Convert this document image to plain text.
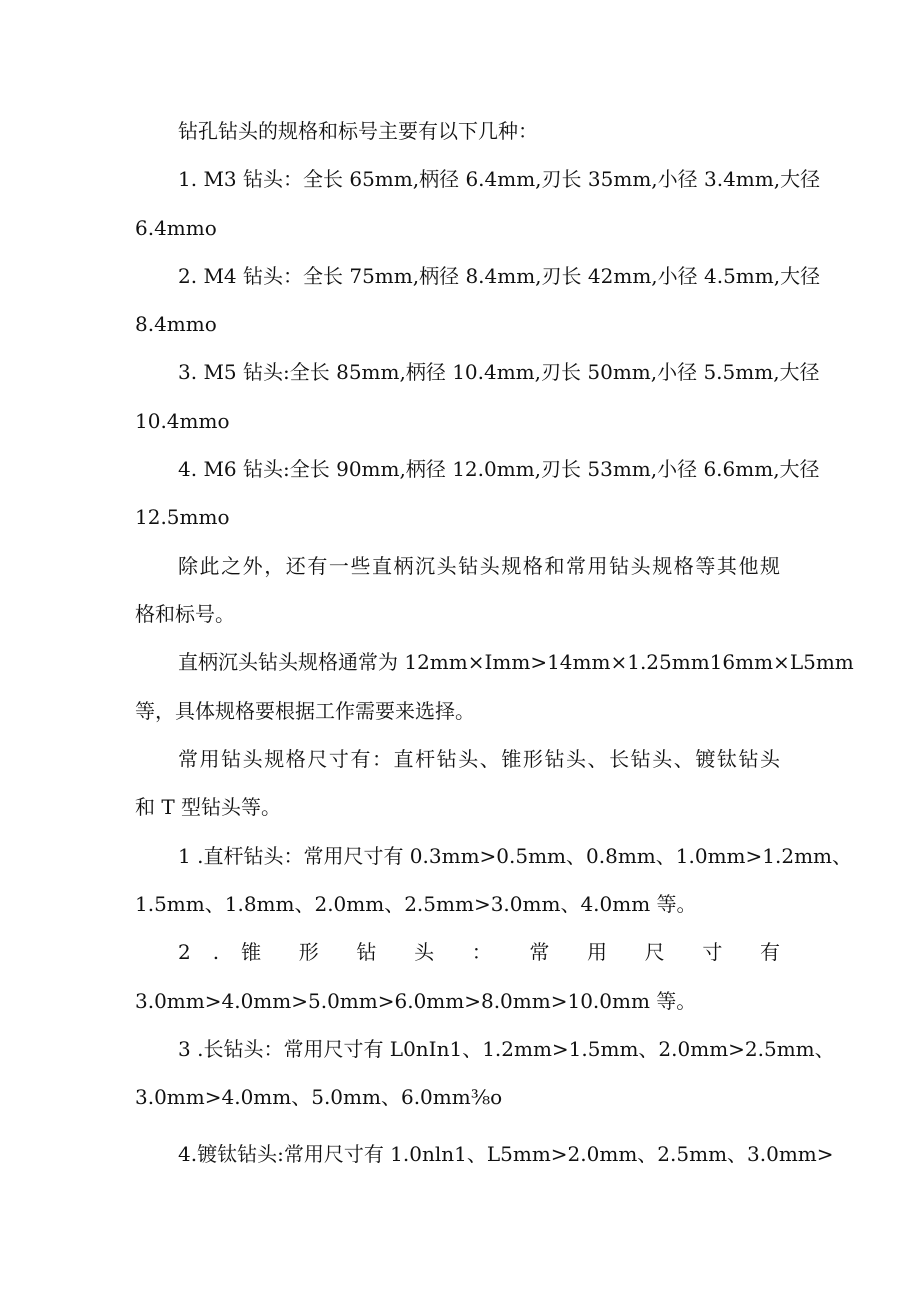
钻孔钻头的规格和标号主要有以下几种：
1. M3 钻头：全长 65mm,柄径 6.4mm,刃长 35mm,小径 3.4mm,大径
6.4mmo
2. M4 钻头：全长 75mm,柄径 8.4mm,刃长 42mm,小径 4.5mm,大径
8.4mmo
3. M5 钻头:全长 85mm,柄径 10.4mm,刃长 50mm,小径 5.5mm,大径
10.4mmo
4. M6 钻头:全长 90mm,柄径 12.0mm,刃长 53mm,小径 6.6mm,大径
12.5mmo
除此之外，还有一些直柄沉头钻头规格和常用钻头规格等其他规
格和标号。
直柄沉头钻头规格通常为 12mm×Imm>14mm×1.25mm16mm×L5mm
等，具体规格要根据工作需要来选择。
常用钻头规格尺寸有：直杆钻头、锥形钻头、长钻头、镀钛钻头
和 T 型钻头等。
1 .直杆钻头：常用尺寸有 0.3mm>0.5mm、0.8mm、1.0mm>1.2mm、
1.5mm、1.8mm、2.0mm、2.5mm>3.0mm、4.0mm 等。
2 . 锥 形 钻 头 ： 常 用 尺 寸 有
3.0mm>4.0mm>5.0mm>6.0mm>8.0mm>10.0mm 等。
3 .长钻头：常用尺寸有 L0nIn1、1.2mm>1.5mm、2.0mm>2.5mm、
3.0mm>4.0mm、5.0mm、6.0mm⅜o
4.镀钛钻头:常用尺寸有 1.0nln1、L5mm>2.0mm、2.5mm、3.0mm>
